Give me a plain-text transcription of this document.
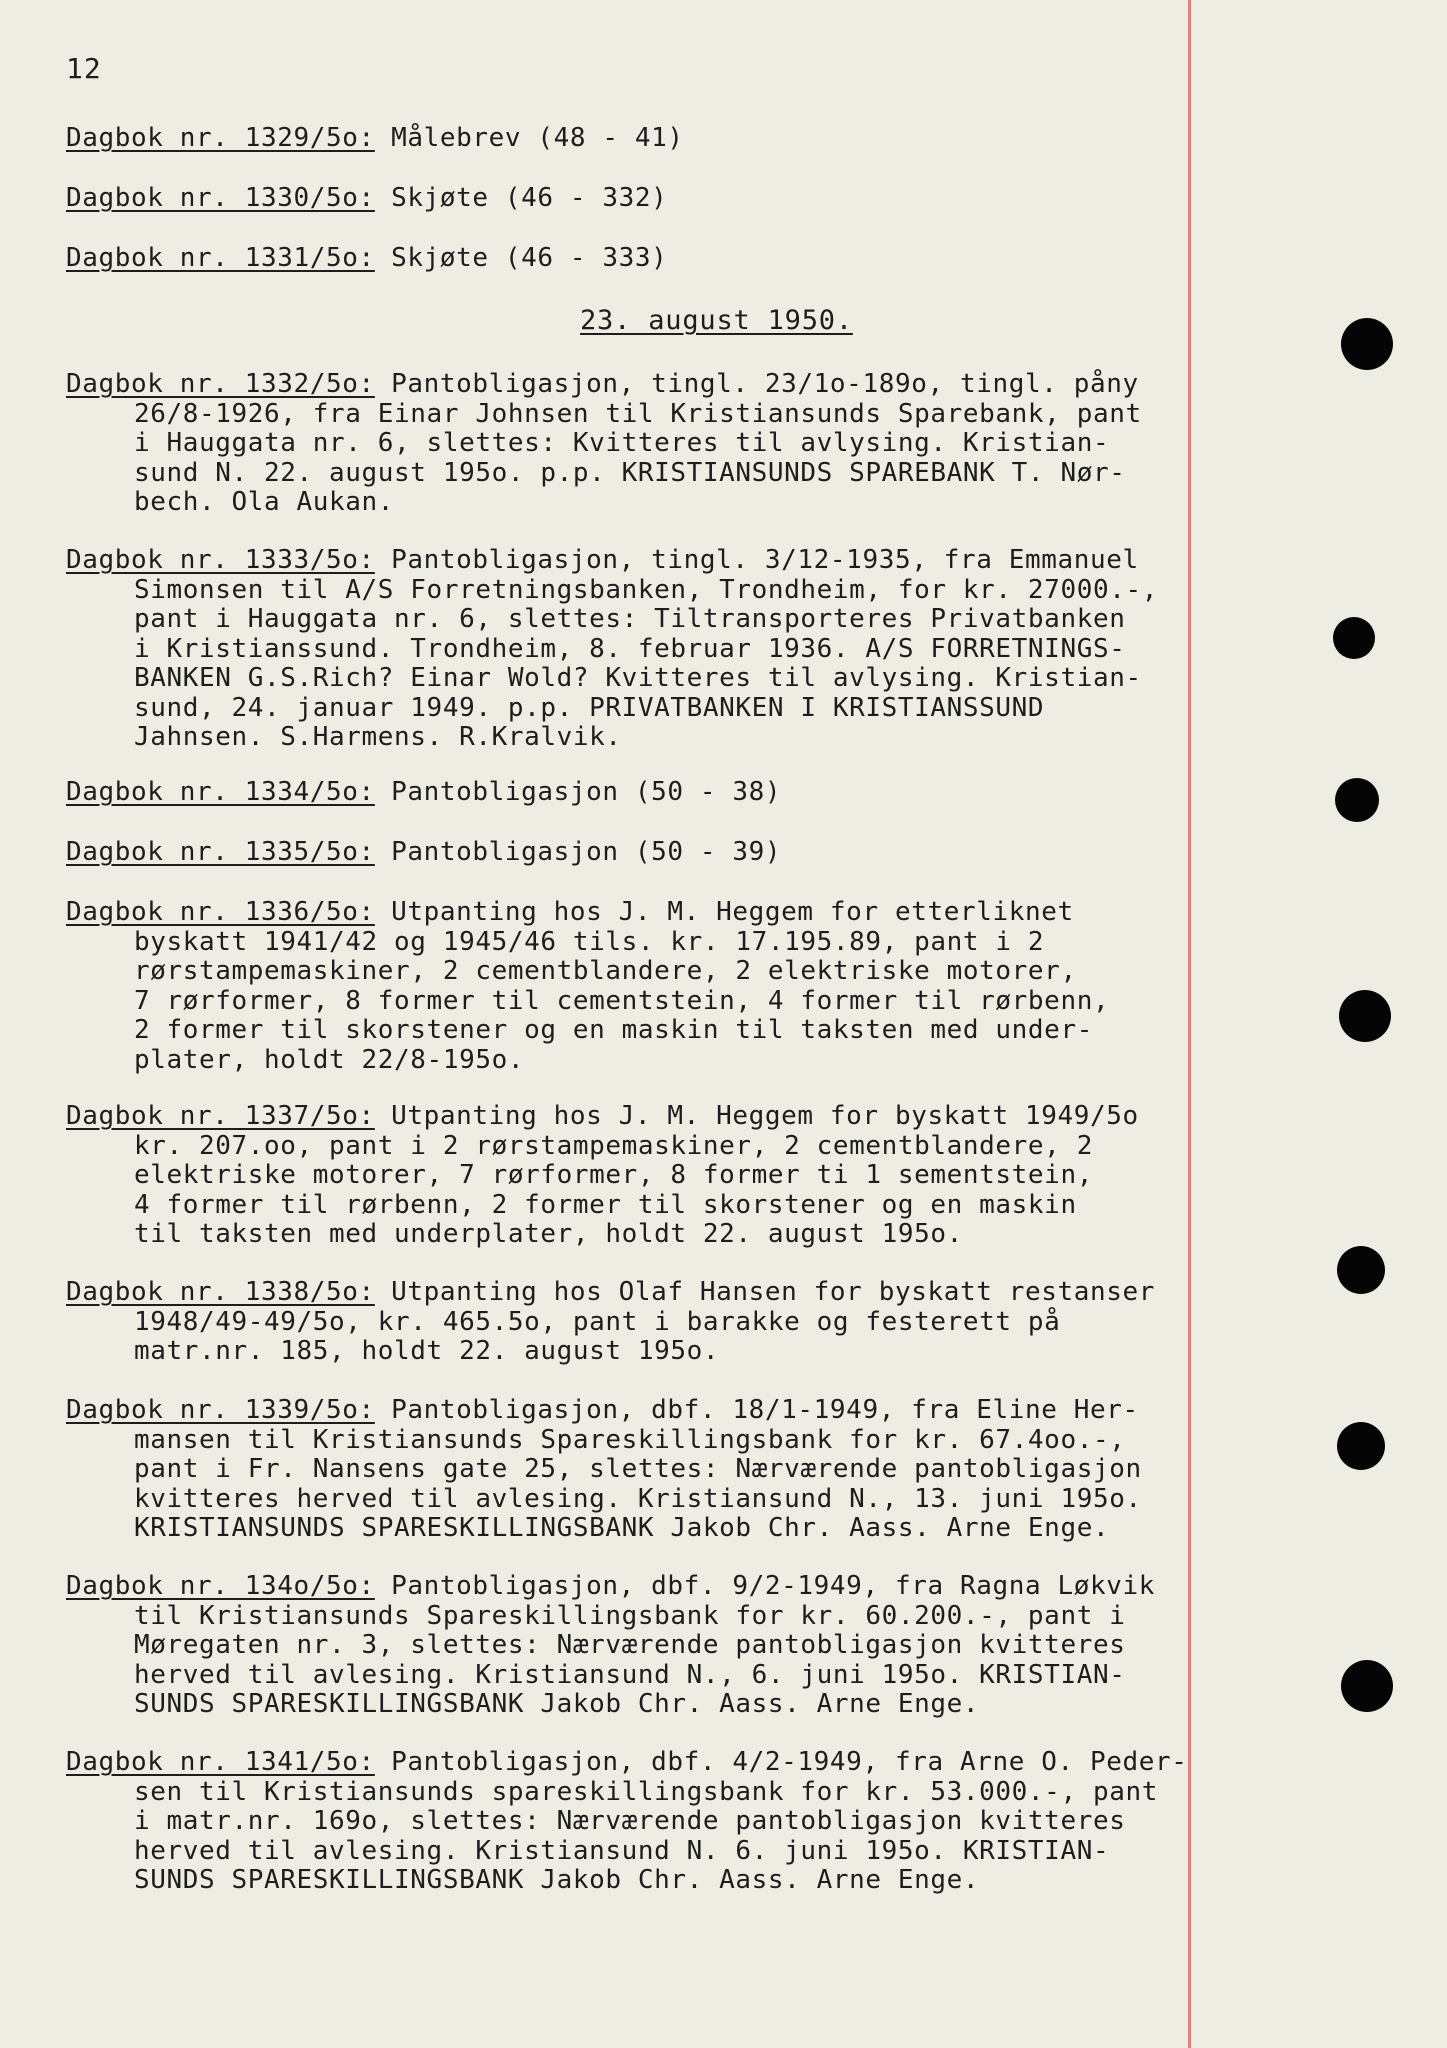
12
Dagbok nr. 1329/5o: Målebrev (48 - 41)
Dagbok nr. 1330/5o: Skjøte (46 - 332)
Dagbok nr. 1331/5o: Skjøte (46 - 333)
23. august 1950.
Dagbok nr. 1332/5o: Pantobligasjon, tingl. 23/1o-189o, tingl. påny
26/8-1926, fra Einar Johnsen til Kristiansunds Sparebank, pant
i Hauggata nr. 6, slettes: Kvitteres til avlysing. Kristian-
sund N. 22. august 195o. p.p. KRISTIANSUNDS SPAREBANK T. Nør-
bech. Ola Aukan.
Dagbok nr. 1333/5o: Pantobligasjon, tingl. 3/12-1935, fra Emmanuel
Simonsen til A/S Forretningsbanken, Trondheim, for kr. 27000.-,
pant i Hauggata nr. 6, slettes: Tiltransporteres Privatbanken
i Kristianssund. Trondheim, 8. februar 1936. A/S FORRETNINGS-
BANKEN G.S.Rich? Einar Wold? Kvitteres til avlysing. Kristian-
sund, 24. januar 1949. p.p. PRIVATBANKEN I KRISTIANSSUND
Jahnsen. S.Harmens. R.Kralvik.
Dagbok nr. 1334/5o: Pantobligasjon (50 - 38)
Dagbok nr. 1335/5o: Pantobligasjon (50 - 39)
Dagbok nr. 1336/5o: Utpanting hos J. M. Heggem for etterliknet
byskatt 1941/42 og 1945/46 tils. kr. 17.195.89, pant i 2
rørstampemaskiner, 2 cementblandere, 2 elektriske motorer,
7 rørformer, 8 former til cementstein, 4 former til rørbenn,
2 former til skorstener og en maskin til taksten med under-
plater, holdt 22/8-195o.
Dagbok nr. 1337/5o: Utpanting hos J. M. Heggem for byskatt 1949/5o
kr. 207.oo, pant i 2 rørstampemaskiner, 2 cementblandere, 2
elektriske motorer, 7 rørformer, 8 former ti 1 sementstein,
4 former til rørbenn, 2 former til skorstener og en maskin
til taksten med underplater, holdt 22. august 195o.
Dagbok nr. 1338/5o: Utpanting hos Olaf Hansen for byskatt restanser
1948/49-49/5o, kr. 465.5o, pant i barakke og festerett på
matr.nr. 185, holdt 22. august 195o.
Dagbok nr. 1339/5o: Pantobligasjon, dbf. 18/1-1949, fra Eline Her-
mansen til Kristiansunds Spareskillingsbank for kr. 67.4oo.-,
pant i Fr. Nansens gate 25, slettes: Nærværende pantobligasjon
kvitteres herved til avlesing. Kristiansund N., 13. juni 195o.
KRISTIANSUNDS SPARESKILLINGSBANK Jakob Chr. Aass. Arne Enge.
Dagbok nr. 134o/5o: Pantobligasjon, dbf. 9/2-1949, fra Ragna Løkvik
til Kristiansunds Spareskillingsbank for kr. 60.200.-, pant i
Møregaten nr. 3, slettes: Nærværende pantobligasjon kvitteres
herved til avlesing. Kristiansund N., 6. juni 195o. KRISTIAN-
SUNDS SPARESKILLINGSBANK Jakob Chr. Aass. Arne Enge.
Dagbok nr. 1341/5o: Pantobligasjon, dbf. 4/2-1949, fra Arne O. Peder-
sen til Kristiansunds spareskillingsbank for kr. 53.000.-, pant
i matr.nr. 169o, slettes: Nærværende pantobligasjon kvitteres
herved til avlesing. Kristiansund N. 6. juni 195o. KRISTIAN-
SUNDS SPARESKILLINGSBANK Jakob Chr. Aass. Arne Enge.
